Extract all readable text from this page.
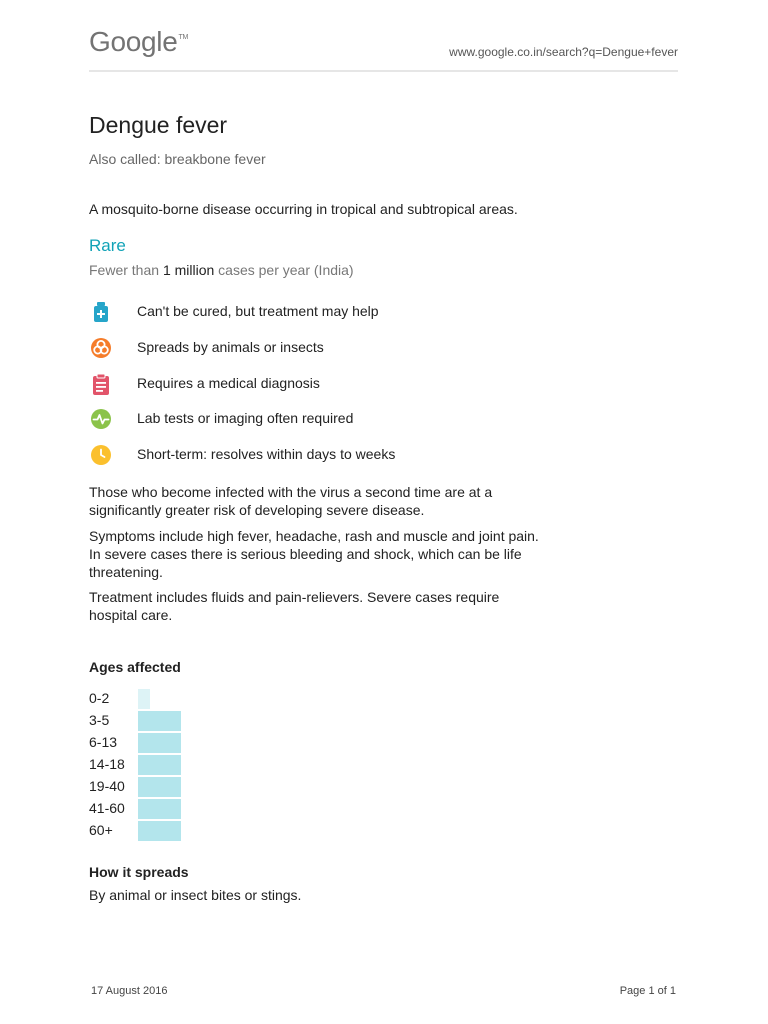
Google™
www.google.co.in/search?q=Dengue+fever
Dengue fever
Also called: breakbone fever
A mosquito-borne disease occurring in tropical and subtropical areas.
Rare
Fewer than 1 million cases per year (India)
Can't be cured, but treatment may help
Spreads by animals or insects
Requires a medical diagnosis
Lab tests or imaging often required
Short-term: resolves within days to weeks

Those who become infected with the virus a second time are at a significantly greater risk of developing severe disease.

Symptoms include high fever, headache, rash and muscle and joint pain. In severe cases there is serious bleeding and shock, which can be life threatening.

Treatment includes fluids and pain-relievers. Severe cases require hospital care.

Ages affected
0-2
3-5
6-13
14-18
19-40
41-60
60+
How it spreads
By animal or insect bites or stings.
17 August 2016	Page 1 of 1
